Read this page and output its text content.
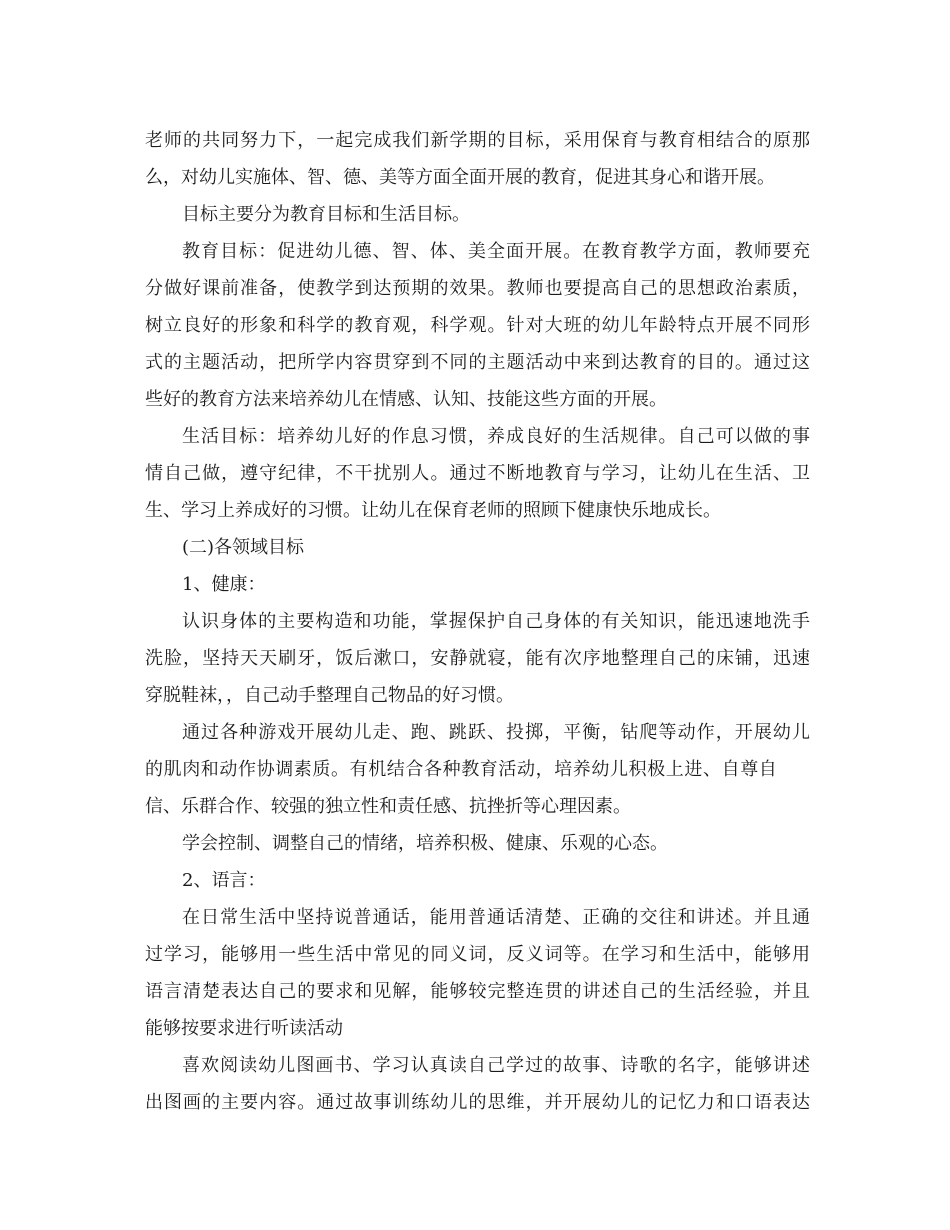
老师的共同努力下，一起完成我们新学期的目标，采用保育与教育相结合的原那
么，对幼儿实施体、智、德、美等方面全面开展的教育，促进其身心和谐开展。
目标主要分为教育目标和生活目标。
教育目标：促进幼儿德、智、体、美全面开展。在教育教学方面，教师要充
分做好课前准备，使教学到达预期的效果。教师也要提高自己的思想政治素质，
树立良好的形象和科学的教育观，科学观。针对大班的幼儿年龄特点开展不同形
式的主题活动，把所学内容贯穿到不同的主题活动中来到达教育的目的。通过这
些好的教育方法来培养幼儿在情感、认知、技能这些方面的开展。
生活目标：培养幼儿好的作息习惯，养成良好的生活规律。自己可以做的事
情自己做，遵守纪律，不干扰别人。通过不断地教育与学习，让幼儿在生活、卫
生、学习上养成好的习惯。让幼儿在保育老师的照顾下健康快乐地成长。
(二)各领域目标
1、健康：
认识身体的主要构造和功能，掌握保护自己身体的有关知识，能迅速地洗手
洗脸，坚持天天刷牙，饭后漱口，安静就寝，能有次序地整理自己的床铺，迅速
穿脱鞋袜，，自己动手整理自己物品的好习惯。
通过各种游戏开展幼儿走、跑、跳跃、投掷，平衡，钻爬等动作，开展幼儿
的肌肉和动作协调素质。有机结合各种教育活动，培养幼儿积极上进、自尊自
信、乐群合作、较强的独立性和责任感、抗挫折等心理因素。
学会控制、调整自己的情绪，培养积极、健康、乐观的心态。
2、语言：
在日常生活中坚持说普通话，能用普通话清楚、正确的交往和讲述。并且通
过学习，能够用一些生活中常见的同义词，反义词等。在学习和生活中，能够用
语言清楚表达自己的要求和见解，能够较完整连贯的讲述自己的生活经验，并且
能够按要求进行听读活动
喜欢阅读幼儿图画书、学习认真读自己学过的故事、诗歌的名字，能够讲述
出图画的主要内容。通过故事训练幼儿的思维，并开展幼儿的记忆力和口语表达
